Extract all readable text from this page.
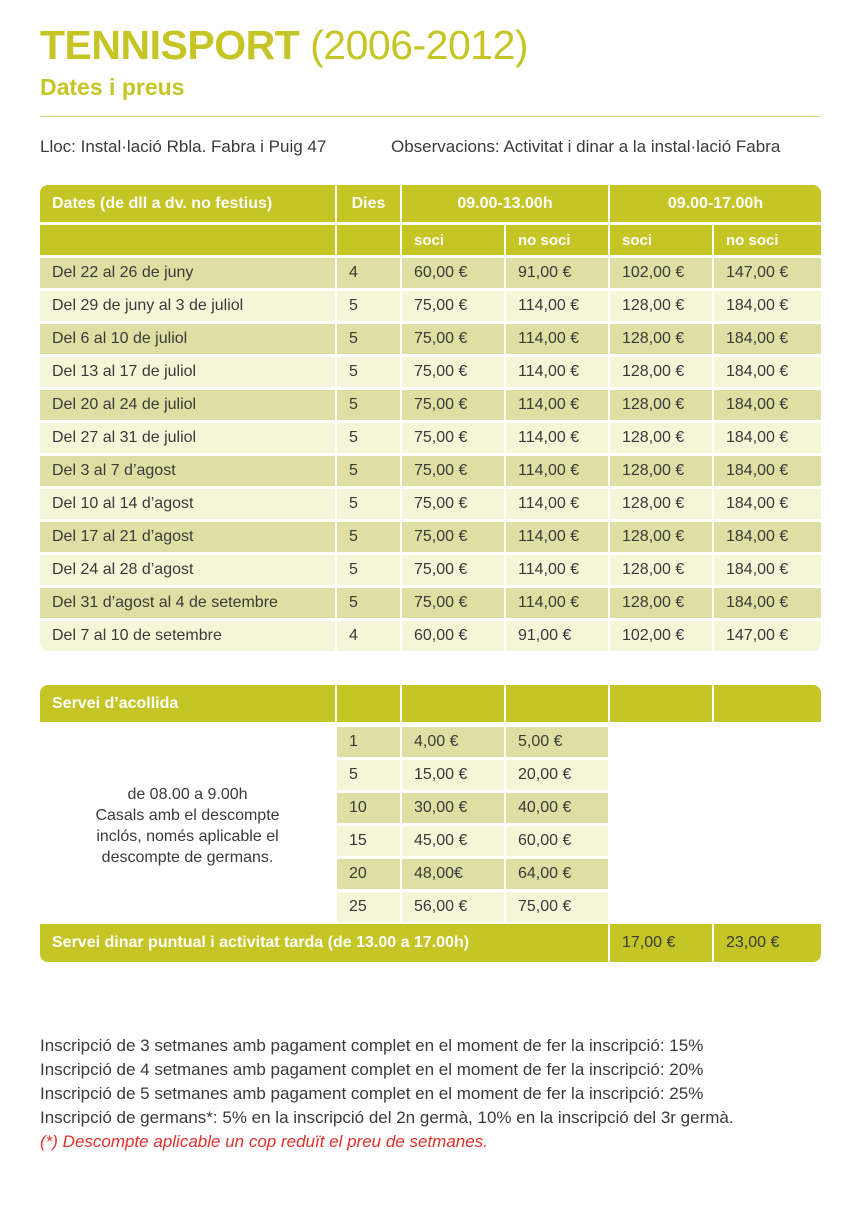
TENNISPORT (2006-2012)
Dates i preus
Lloc: Instal·lació Rbla. Fabra i Puig 47	Observacions: Activitat i dinar a la instal·lació Fabra
Dates (de dll a dv. no festius)	Dies	09.00-13.00h	09.00-17.00h
soci	no soci	soci	no soci
Del 22 al 26 de juny	4	60,00 €	91,00 €	102,00 €	147,00 €
Del 29 de juny al 3 de juliol	5	75,00 €	114,00 €	128,00 €	184,00 €
Del 6 al 10 de juliol	5	75,00 €	114,00 €	128,00 €	184,00 €
Del 13 al 17 de juliol	5	75,00 €	114,00 €	128,00 €	184,00 €
Del 20 al 24 de juliol	5	75,00 €	114,00 €	128,00 €	184,00 €
Del 27 al 31 de juliol	5	75,00 €	114,00 €	128,00 €	184,00 €
Del 3 al 7 d’agost	5	75,00 €	114,00 €	128,00 €	184,00 €
Del 10 al 14 d’agost	5	75,00 €	114,00 €	128,00 €	184,00 €
Del 17 al 21 d’agost	5	75,00 €	114,00 €	128,00 €	184,00 €
Del 24 al 28 d’agost	5	75,00 €	114,00 €	128,00 €	184,00 €
Del 31 d’agost al 4 de setembre	5	75,00 €	114,00 €	128,00 €	184,00 €
Del 7 al 10 de setembre	4	60,00 €	91,00 €	102,00 €	147,00 €
Servei d’acollida
de 08.00 a 9.00h
Casals amb el descompte
inclós, només aplicable el
descompte de germans.
1	4,00 €	5,00 €
5	15,00 €	20,00 €
10	30,00 €	40,00 €
15	45,00 €	60,00 €
20	48,00€	64,00 €
25	56,00 €	75,00 €
Servei dinar puntual i activitat tarda (de 13.00 a 17.00h)	17,00 €	23,00 €
Inscripció de 3 setmanes amb pagament complet en el moment de fer la inscripció: 15%
Inscripció de 4 setmanes amb pagament complet en el moment de fer la inscripció: 20%
Inscripció de 5 setmanes amb pagament complet en el moment de fer la inscripció: 25%
Inscripció de germans*: 5% en la inscripció del 2n germà, 10% en la inscripció del 3r germà.
(*) Descompte aplicable un cop reduït el preu de setmanes.
